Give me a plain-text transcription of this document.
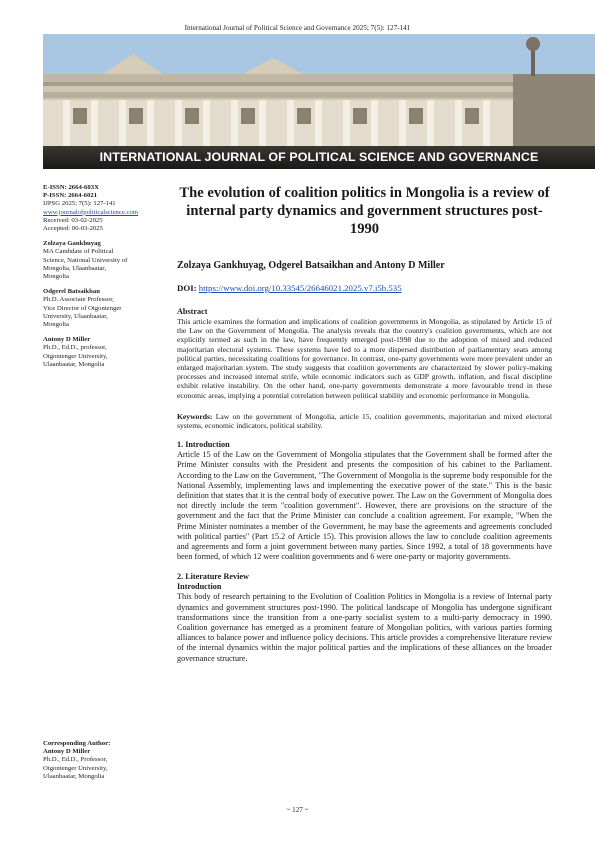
International Journal of Political Science and Governance 2025; 7(5): 127-141
INTERNATIONAL JOURNAL OF POLITICAL SCIENCE AND GOVERNANCE
E-ISSN: 2664-603X
P-ISSN: 2664-6021
IJPSG 2025; 7(5): 127-141
www.journalofpoliticalscience.com
Received: 03-02-2025
Accepted: 06-03-2025
Zolzaya Gankhuyag
MA Candidate of Political
Science, National University of
Mongolia, Ulaanbaatar,
Mongolia
Odgerel Batsaikhan
Ph.D. Associate Professor,
Vice Director of Otgontenger
University, Ulaanbaatar,
Mongolia
Antony D Miller
Ph.D., Ed.D., professor,
Otgontenger University,
Ulaanbaatar, Mongolia
Corresponding Author:
Antony D Miller
Ph.D., Ed.D., Professor,
Otgontenger University,
Ulaanbaatar, Mongolia
The evolution of coalition politics in Mongolia is a review of internal party dynamics and government structures post-1990
Zolzaya Gankhuyag, Odgerel Batsaikhan and Antony D Miller
DOI: https://www.doi.org/10.33545/26646021.2025.v7.i5b.535
Abstract
This article examines the formation and implications of coalition governments in Mongolia, as stipulated by Article 15 of the Law on the Government of Mongolia. The analysis reveals that the country's coalition governments, which are not explicitly termed as such in the law, have frequently emerged post-1998 due to the adoption of mixed and reduced majoritarian electoral systems. These systems have led to a more dispersed distribution of parliamentary seats among political parties, necessitating coalitions for governance. In contrast, one-party governments were more prevalent under an enlarged majoritarian system. The study suggests that coalition governments are characterized by slower policy-making processes and increased internal strife, while economic indicators such as GDP growth, inflation, and fiscal discipline exhibit relative instability. On the other hand, one-party governments demonstrate a more favourable trend in these economic areas, implying a potential correlation between political stability and economic performance in Mongolia.
Keywords: Law on the government of Mongolia, article 15, coalition governments, majoritarian and mixed electoral systems, economic indicators, political stability.
1. Introduction
Article 15 of the Law on the Government of Mongolia stipulates that the Government shall be formed after the Prime Minister consults with the President and presents the composition of his cabinet to the Parliament. According to the Law on the Government, "The Government of Mongolia is the supreme body responsible for the National Assembly, implementing laws and implementing the executive power of the state." This is the basic definition that states that it is the central body of executive power. The Law on the Government of Mongolia does not directly include the term "coalition government". However, there are provisions on the structure of the government and the fact that the Prime Minister can conclude a coalition agreement. For example, "When the Prime Minister nominates a member of the Government, he may base the agreements and agreements concluded with political parties" (Part 15.2 of Article 15). This provision allows the law to conclude coalition agreements and agreements and form a joint government between many parties. Since 1992, a total of 18 governments have been formed, of which 12 were coalition governments and 6 were one-party or majority governments.
2. Literature Review
Introduction
This body of research pertaining to the Evolution of Coalition Politics in Mongolia is a review of Internal party dynamics and government structures post-1990. The political landscape of Mongolia has undergone significant transformations since the transition from a one-party socialist system to a multi-party democracy in 1990. Coalition governance has emerged as a prominent feature of Mongolian politics, with various parties forming alliances to balance power and influence policy decisions. This article provides a comprehensive literature review of the internal dynamics within the major political parties and the implications of these alliances on the broader governance structure.
~ 127 ~
